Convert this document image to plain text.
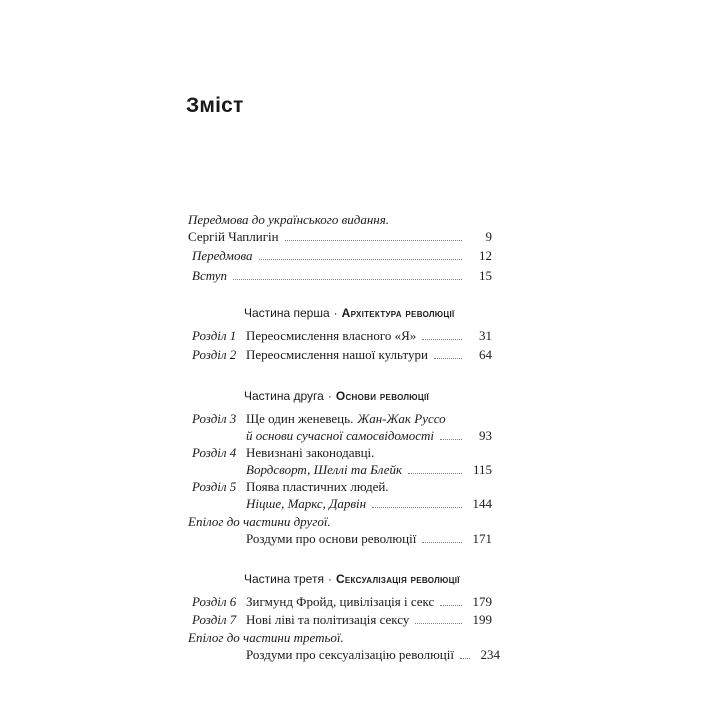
Зміст
Передмова до українського видання.
Сергій Чаплигін	9
Передмова	12
Вступ	15
Частина перша · Архітектура революції
Розділ 1 Переосмислення власного «Я»	31
Розділ 2 Переосмислення нашої культури	64
Частина друга · Основи революції
Розділ 3 Ще один женевець. Жан-Жак Руссо
й основи сучасної самосвідомості	93
Розділ 4 Невизнані законодавці.
Вордсворт, Шеллі та Блейк	115
Розділ 5 Поява пластичних людей.
Ніцше, Маркс, Дарвін	144
Епілог до частини другої.
Роздуми про основи революції	171
Частина третя · Сексуалізація революції
Розділ 6 Зигмунд Фройд, цивілізація і секс	179
Розділ 7 Нові ліві та політизація сексу	199
Епілог до частини третьої.
Роздуми про сексуалізацію революції	234
